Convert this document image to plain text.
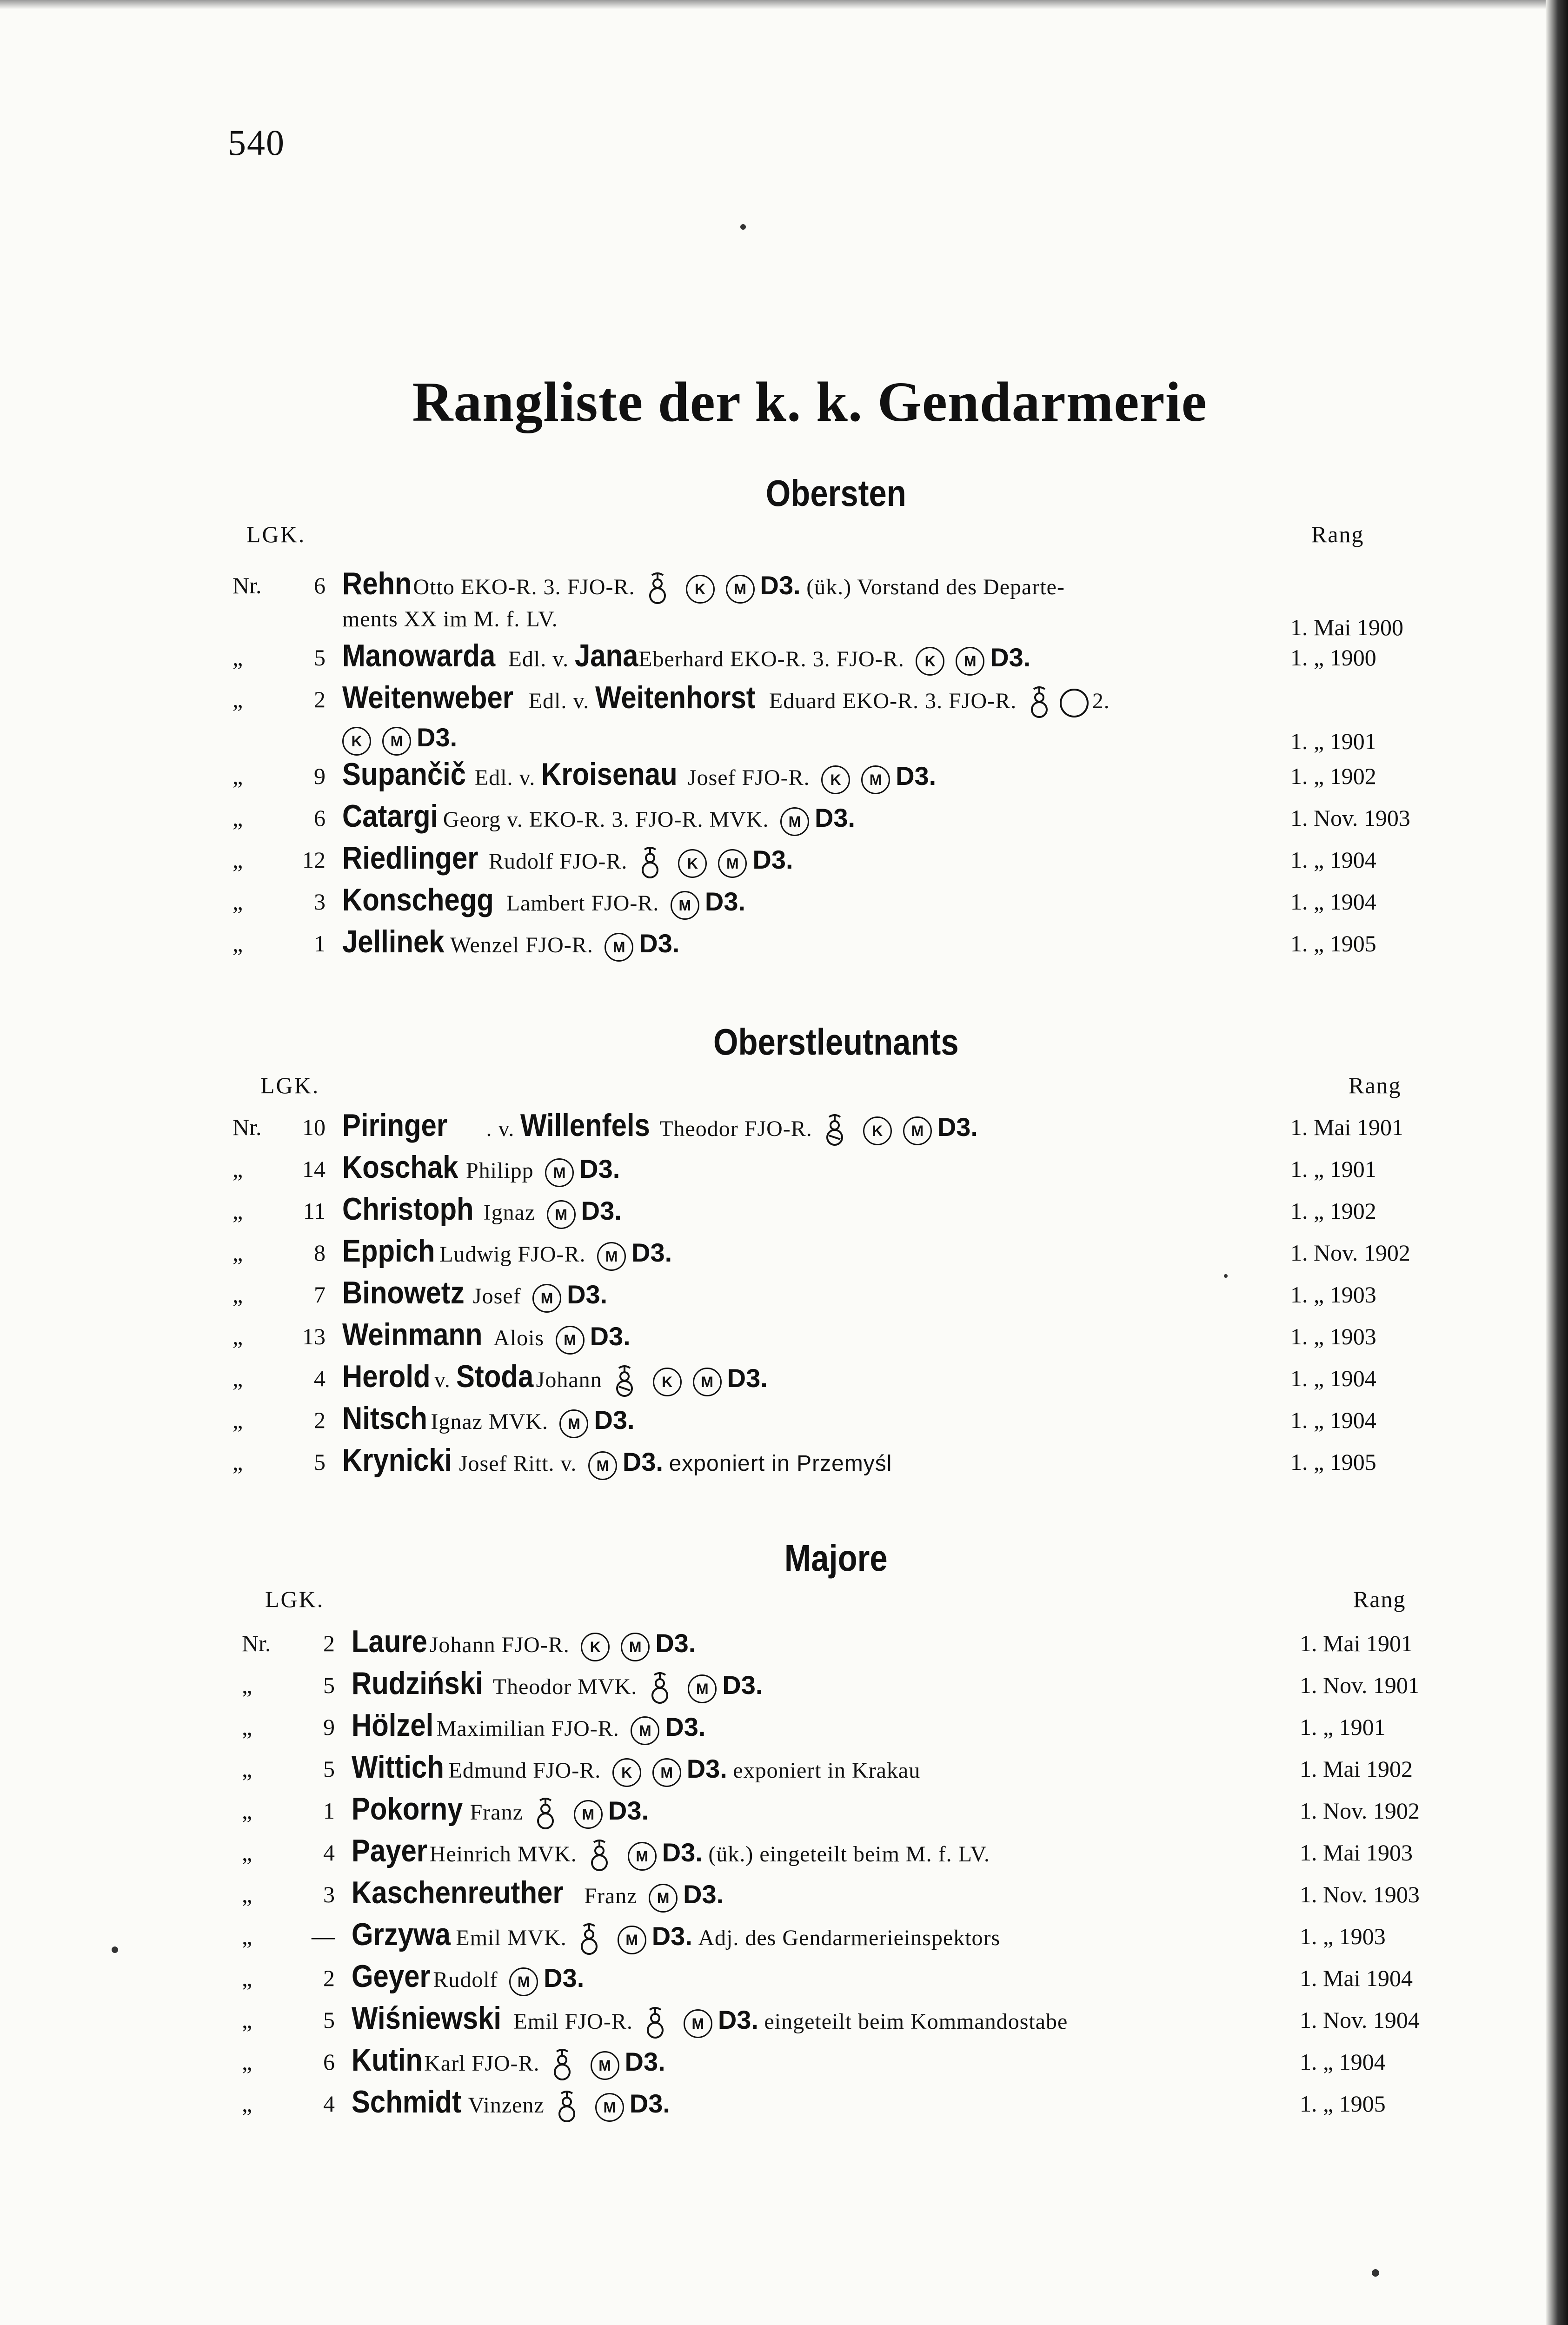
540
Rangliste der k. k. Gendarmerie
Obersten
LGK.	Rang
Nr. 6 Rehn Otto EKO-R. 3. FJO-R.	K M D3. (ük.) Vorstand des Departe-
ments XX im M. f. LV.	1. Mai 1900
„	5 Manowarda Edl. v. Jana Eberhard EKO-R. 3. FJO-R. K M D3.	1. „ 1900
„	2 Weitenweber Edl. v. Weitenhorst Eduard EKO-R. 3. FJO-R.	2.
K M D3.	1. „ 1901
„	9 Supančič Edl. v. Kroisenau Josef FJO-R. K M D3.	1. „ 1902
„	6 Catargi Georg v. EKO-R. 3. FJO-R. MVK. M D3.	1. Nov. 1903
„	12 Riedlinger Rudolf FJO-R.	K M D3.	1. „ 1904
„	3 Konschegg Lambert FJO-R. M D3.	1. „ 1904
„	1 Jellinek Wenzel FJO-R. M D3.	1. „ 1905
Oberstleutnants
LGK.	Rang
Nr. 10 Piringer . v. Willenfels Theodor FJO-R.	K M D3.	1. Mai 1901
„	14 Koschak Philipp M D3.	1. „ 1901
„	11 Christoph Ignaz M D3.	1. „ 1902
„	8 Eppich Ludwig FJO-R. M D3.	1. Nov. 1902
„	7 Binowetz Josef M D3.	1. „ 1903
„	13 Weinmann Alois M D3.	1. „ 1903
„	4 Herold v. Stoda Johann	K M D3.	1. „ 1904
„	2 Nitsch Ignaz MVK. M D3.	1. „ 1904
„	5 Krynicki Josef Ritt. v. M D3. exponiert in Przemyśl	1. „ 1905
Majore
LGK.	Rang
Nr. 2 Laure Johann FJO-R. K M D3.	1. Mai 1901
„	5 Rudziński Theodor MVK.	M D3.	1. Nov. 1901
„	9 Hölzel Maximilian FJO-R. M D3.	1. „ 1901
„	5 Wittich Edmund FJO-R. K M D3. exponiert in Krakau	1. Mai 1902
„	1 Pokorny Franz	M D3.	1. Nov. 1902
„	4 Payer Heinrich MVK.	M D3. (ük.) eingeteilt beim M. f. LV.	1. Mai 1903
„	3 Kaschenreuther Franz M D3.	1. Nov. 1903
„	— Grzywa Emil MVK.	M D3. Adj. des Gendarmerieinspektors	1. „ 1903
„	2 Geyer Rudolf M D3.	1. Mai 1904
„	5 Wiśniewski Emil FJO-R.	M D3. eingeteilt beim Kommandostabe	1. Nov. 1904
„	6 Kutin Karl FJO-R.	M D3.	1. „ 1904
„	4 Schmidt Vinzenz	M D3.	1. „ 1905
